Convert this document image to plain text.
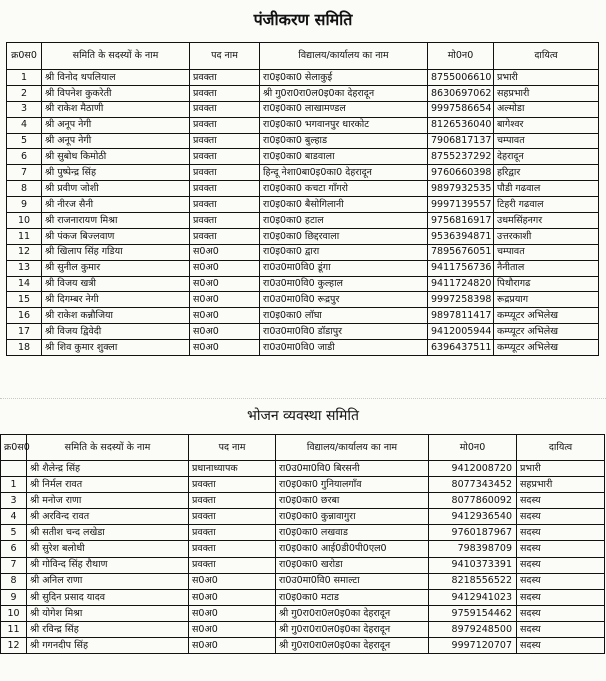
पंजीकरण समिति
क्र0स0	समिति के सदस्यों के नाम	पद नाम	विद्यालय/कार्यालय का नाम	मो0न0	दायित्व
1	श्री विनोद थपलियाल	प्रवक्ता	रा0इ0का0 सेलाकुई	8755006610	प्रभारी
2	श्री विपनेश कुकरेती	प्रवक्ता	श्री गु0रा0रा0ल0इ0का देहरादून	8630697062	सहप्रभारी
3	श्री राकेश मैठाणी	प्रवक्ता	रा0इ0का0 लाखामण्डल	9997586654	अल्मोडा
4	श्री अनूप नेगी	प्रवक्ता	रा0इ0का0 भगवानपुर धारकोट	8126536040	बागेश्वर
5	श्री अनूप नेगी	प्रवक्ता	रा0इ0का0 बुल्हाड	7906817137	चम्पावत
6	श्री सुबोध किमोठी	प्रवक्ता	रा0इ0का0 बाडवाला	8755237292	देहरादून
7	श्री पुष्पेन्द्र सिंह	प्रवक्ता	हिन्दू नेशा0बा0इ0का0 देहरादून	9760660398	हरिद्वार
8	श्री प्रवीण जोशी	प्रवक्ता	रा0इ0का0 कचटा गॉंगरो	9897932535	पौडी गढवाल
9	श्री नीरज सैनी	प्रवक्ता	रा0इ0का0 बैसोगिलानी	9997139557	टिहरी गढवाल
10	श्री राजनारायण मिश्रा	प्रवक्ता	रा0इ0का0 हटाल	9756816917	उधमसिंहनगर
11	श्री पंकज बिज्लवाण	प्रवक्ता	रा0इ0का0 छिद्दरवाला	9536394871	उत्तरकाशी
12	श्री खिलाप सिंह गडिया	स0अ0	रा0इ0का0 द्वारा	7895676051	चम्पावत
13	श्री सुनील कुमार	स0अ0	रा0उ0मा0वि0 डूंगा	9411756736	नैनीताल
14	श्री विजय खत्री	स0अ0	रा0उ0मा0वि0 कुल्हाल	9411724820	पिथौरागढ
15	श्री दिगम्बर नेगी	स0अ0	रा0उ0मा0वि0 रूद्रपुर	9997258398	रूद्रप्रयाग
16	श्री राकेश कन्नौजिया	स0अ0	रा0इ0का0 लॉघा	9897811417	कम्प्यूटर अभिलेख
17	श्री विजय द्विवेदी	स0अ0	रा0उ0मा0वि0 डॉडापुर	9412005944	कम्प्यूटर अभिलेख
18	श्री शिव कुमार शुक्ला	स0अ0	रा0उ0मा0वि0 जाडी	6396437511	कम्प्यूटर अभिलेख
भोजन व्यवस्था समिति
क्र0स0	समिति के सदस्यों के नाम	पद नाम	विद्यालय/कार्यालय का नाम	मो0न0	दायित्व
	श्री शैलेन्द्र सिंह	प्रधानाध्यापक	रा0उ0मा0वि0 बिरसनी	9412008720	प्रभारी
1	श्री निर्मल रावत	प्रवक्ता	रा0इ0का0 गुनियालगॉंव	8077343452	सहप्रभारी
3	श्री मनोज राणा	प्रवक्ता	रा0इ0का0 छरबा	8077860092	सदस्य
4	श्री अरविन्द रावत	प्रवक्ता	रा0इ0का0 कुन्नावागुरा	9412936540	सदस्य
5	श्री सतीश चन्द लखेडा	प्रवक्ता	रा0इ0का0 लखवाड	9760187967	सदस्य
6	श्री सुरेश बलोधी	प्रवक्ता	रा0इ0का0 आई0डी0पी0एल0	798398709	सदस्य
7	श्री गोविन्द सिंह रौथाण	प्रवक्ता	रा0इ0का0 खरोडा	9410373391	सदस्य
8	श्री अनिल राणा	स0अ0	रा0उ0मा0वि0 समाल्टा	8218556522	सदस्य
9	श्री सुदिन प्रसाद यादव	स0अ0	रा0इ0का0 मटाड	9412941023	सदस्य
10	श्री योगेश मिश्रा	स0अ0	श्री गु0रा0रा0ल0इ0का देहरादून	9759154462	सदस्य
11	श्री रविन्द्र सिंह	स0अ0	श्री गु0रा0रा0ल0इ0का देहरादून	8979248500	सदस्य
12	श्री गगनदीप सिंह	स0अ0	श्री गु0रा0रा0ल0इ0का देहरादून	9997120707	सदस्य
